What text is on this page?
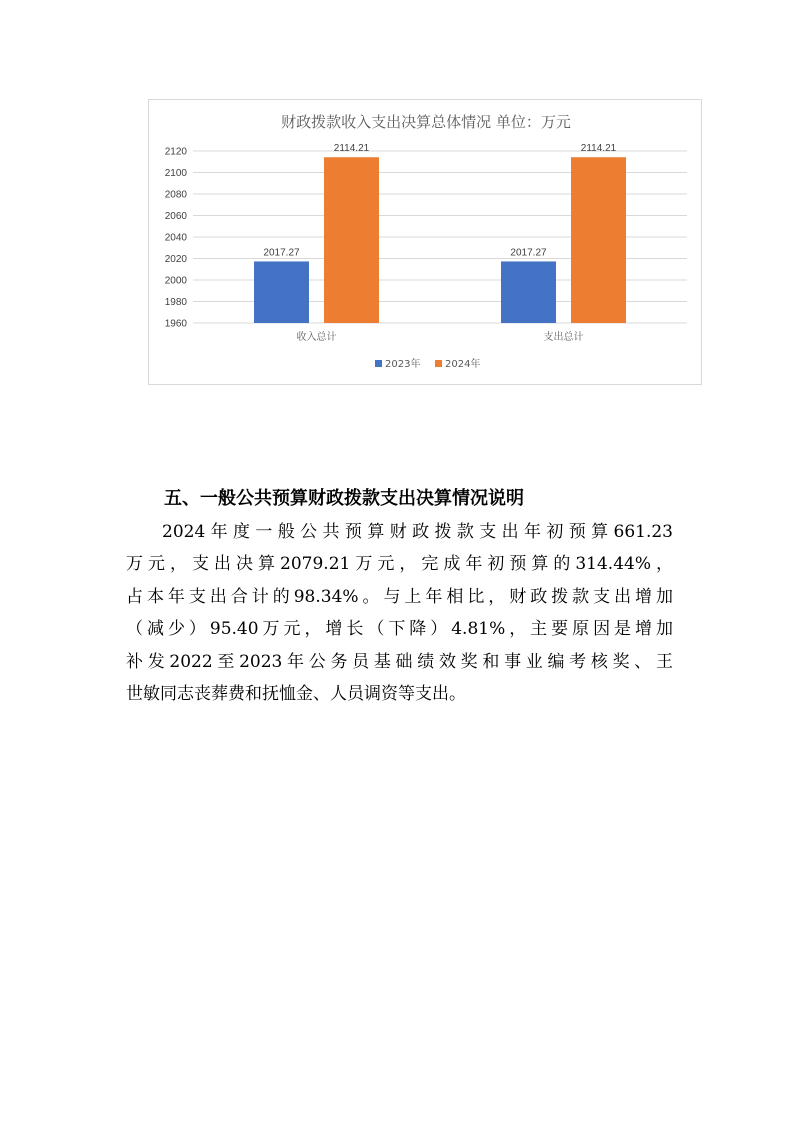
财政拨款收入支出决算总体情况 单位：万元
1960
1980
2000
2020
2040
2060
2080
2100
2120
2017.27
2114.21
2017.27
2114.21
收入总计	支出总计
2023年 2024年
五、一般公共预算财政拨款支出决算情况说明
2024年度一般公共预算财政拨款支出年初预算661.23
万元，支出决算2079.21万元，完成年初预算的314.44%，
占本年支出合计的98.34%。与上年相比，财政拨款支出增加
（减少）95.40万元，增长（下降）4.81%，主要原因是增加
补发2022至2023年公务员基础绩效奖和事业编考核奖、王
世敏同志丧葬费和抚恤金、人员调资等支出。
